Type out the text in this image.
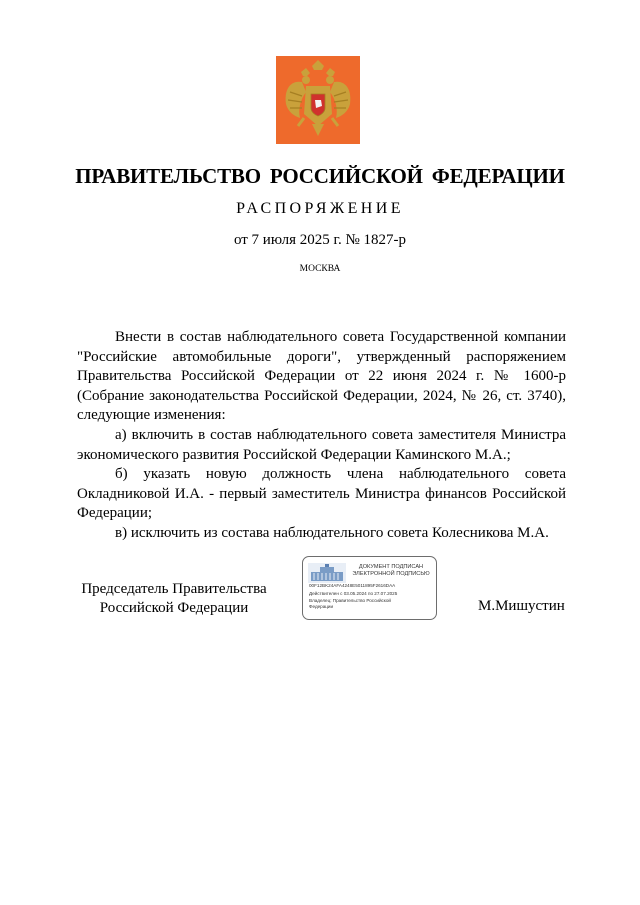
ПРАВИТЕЛЬСТВО РОССИЙСКОЙ ФЕДЕРАЦИИ
РАСПОРЯЖЕНИЕ
от 7 июля 2025 г. № 1827-р
МОСКВА

Внести в состав наблюдательного совета Государственной компании "Российские автомобильные дороги", утвержденный распоряжением Правительства Российской Федерации от 22 июня 2024 г. № 1600-р (Собрание законодательства Российской Федерации, 2024, № 26, ст. 3740), следующие изменения:

а) включить в состав наблюдательного совета заместителя Министра экономического развития Российской Федерации Каминского М.А.;

б) указать новую должность члена наблюдательного совета Окладниковой И.А. - первый заместитель Министра финансов Российской Федерации;

в) исключить из состава наблюдательного совета Колесникова М.А.

Председатель Правительства
Российской Федерации
ДОКУМЕНТ ПОДПИСАН
ЭЛЕКТРОННОЙ ПОДПИСЬЮ
00F12BK24AFA4248E5011895F2616DAA
Действителен с 03.05.2024 по 27.07.2025
Владелец: Правительство Российской
Федерации	М.Мишустин
